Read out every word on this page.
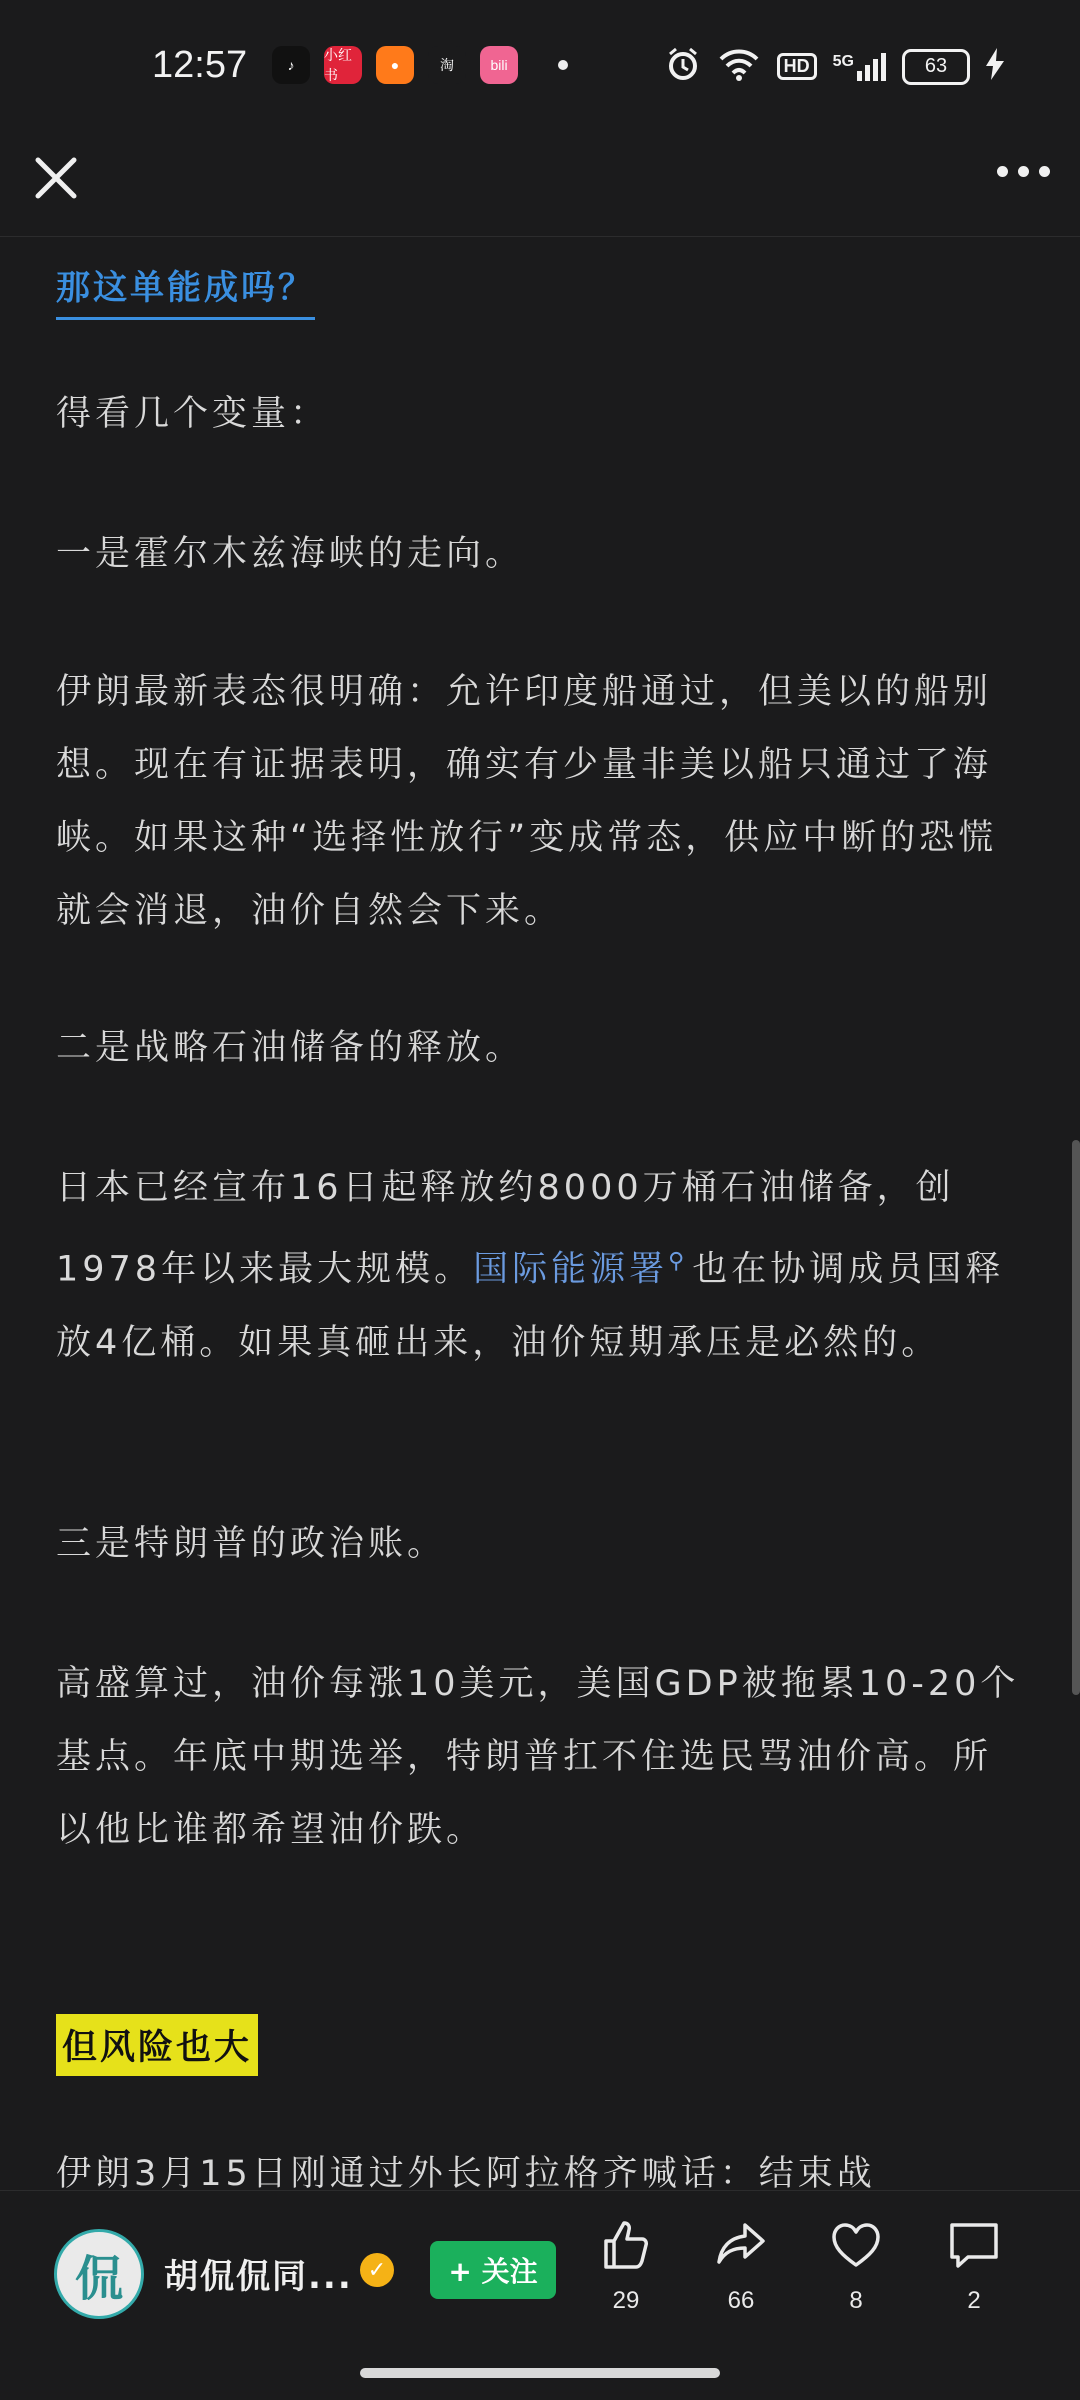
12:57	♪
小红书
●	淘	bili	HD	5G	63
那这单能成吗？
得看几个变量：
一是霍尔木兹海峡的走向。
伊朗最新表态很明确：允许印度船通过，但美以的船别想。现在有证据表明，确实有少量非美以船只通过了海峡。如果这种“选择性放行”变成常态，供应中断的恐慌就会消退，油价自然会下来。
二是战略石油储备的释放。
日本已经宣布16日起释放约8000万桶石油储备，创1978年以来最大规模。国际能源署⚲ 也在协调成员国释放4亿桶。如果真砸出来，油价短期承压是必然的。
三是特朗普的政治账。
高盛算过，油价每涨10美元，美国GDP被拖累10-20个基点。年底中期选举，特朗普扛不住选民骂油价高。所以他比谁都希望油价跌。
但风险也大
伊朗3月15日刚通过外长阿拉格齐喊话：结束战
侃	胡侃侃同... ✓	+ 关注
29	66	8	2
